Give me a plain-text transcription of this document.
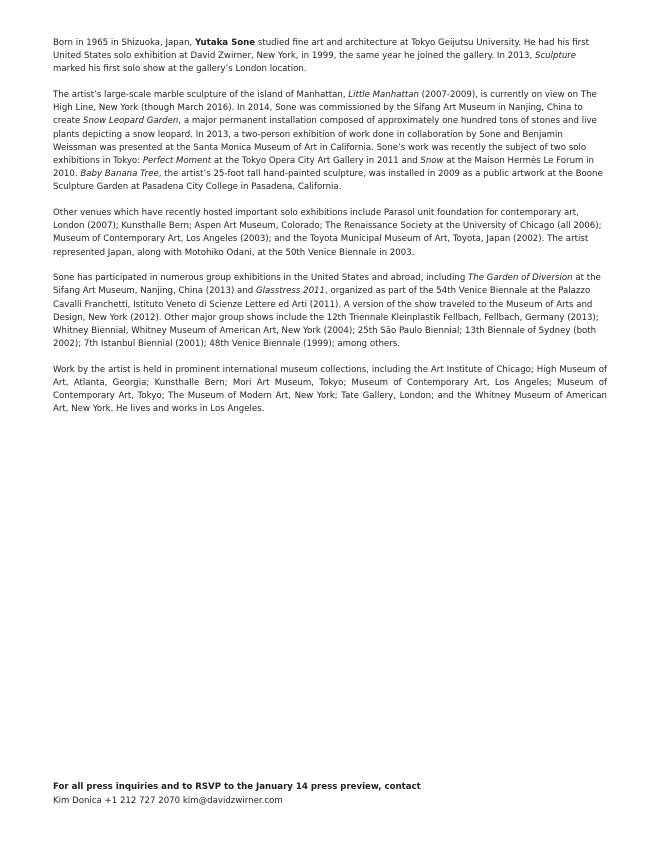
Born in 1965 in Shizuoka, Japan, Yutaka Sone studied fine art and architecture at Tokyo Geijutsu University. He had his first United States solo exhibition at David Zwirner, New York, in 1999, the same year he joined the gallery. In 2013, Sculpture marked his first solo show at the gallery’s London location.

The artist’s large-scale marble sculpture of the island of Manhattan, Little Manhattan (2007-2009), is currently on view on The High Line, New York (though March 2016). In 2014, Sone was commissioned by the Sifang Art Museum in Nanjing, China to create Snow Leopard Garden, a major permanent installation composed of approximately one hundred tons of stones and live plants depicting a snow leopard. In 2013, a two-person exhibition of work done in collaboration by Sone and Benjamin Weissman was presented at the Santa Monica Museum of Art in California. Sone’s work was recently the subject of two solo exhibitions in Tokyo: Perfect Moment at the Tokyo Opera City Art Gallery in 2011 and Snow at the Maison Hermès Le Forum in 2010. Baby Banana Tree, the artist’s 25-foot tall hand-painted sculpture, was installed in 2009 as a public artwork at the Boone Sculpture Garden at Pasadena City College in Pasadena, California.

Other venues which have recently hosted important solo exhibitions include Parasol unit foundation for contemporary art, London (2007); Kunsthalle Bern; Aspen Art Museum, Colorado; The Renaissance Society at the University of Chicago (all 2006); Museum of Contemporary Art, Los Angeles (2003); and the Toyota Municipal Museum of Art, Toyota, Japan (2002). The artist represented Japan, along with Motohiko Odani, at the 50th Venice Biennale in 2003.

Sone has participated in numerous group exhibitions in the United States and abroad, including The Garden of Diversion at the Sifang Art Museum, Nanjing, China (2013) and Glasstress 2011, organized as part of the 54th Venice Biennale at the Palazzo Cavalli Franchetti, Istituto Veneto di Scienze Lettere ed Arti (2011). A version of the show traveled to the Museum of Arts and Design, New York (2012). Other major group shows include the 12th Triennale Kleinplastik Fellbach, Fellbach, Germany (2013); Whitney Biennial, Whitney Museum of American Art, New York (2004); 25th São Paulo Biennial; 13th Biennale of Sydney (both 2002); 7th Istanbul Biennial (2001); 48th Venice Biennale (1999); among others.

Work by the artist is held in prominent international museum collections, including the Art Institute of Chicago; High Museum of Art, Atlanta, Georgia; Kunsthalle Bern; Mori Art Museum, Tokyo; Museum of Contemporary Art, Los Angeles; Museum of Contemporary Art, Tokyo; The Museum of Modern Art, New York; Tate Gallery, London; and the Whitney Museum of American Art, New York. He lives and works in Los Angeles.

For all press inquiries and to RSVP to the January 14 press preview, contact
Kim Donica +1 212 727 2070 kim@davidzwirner.com
